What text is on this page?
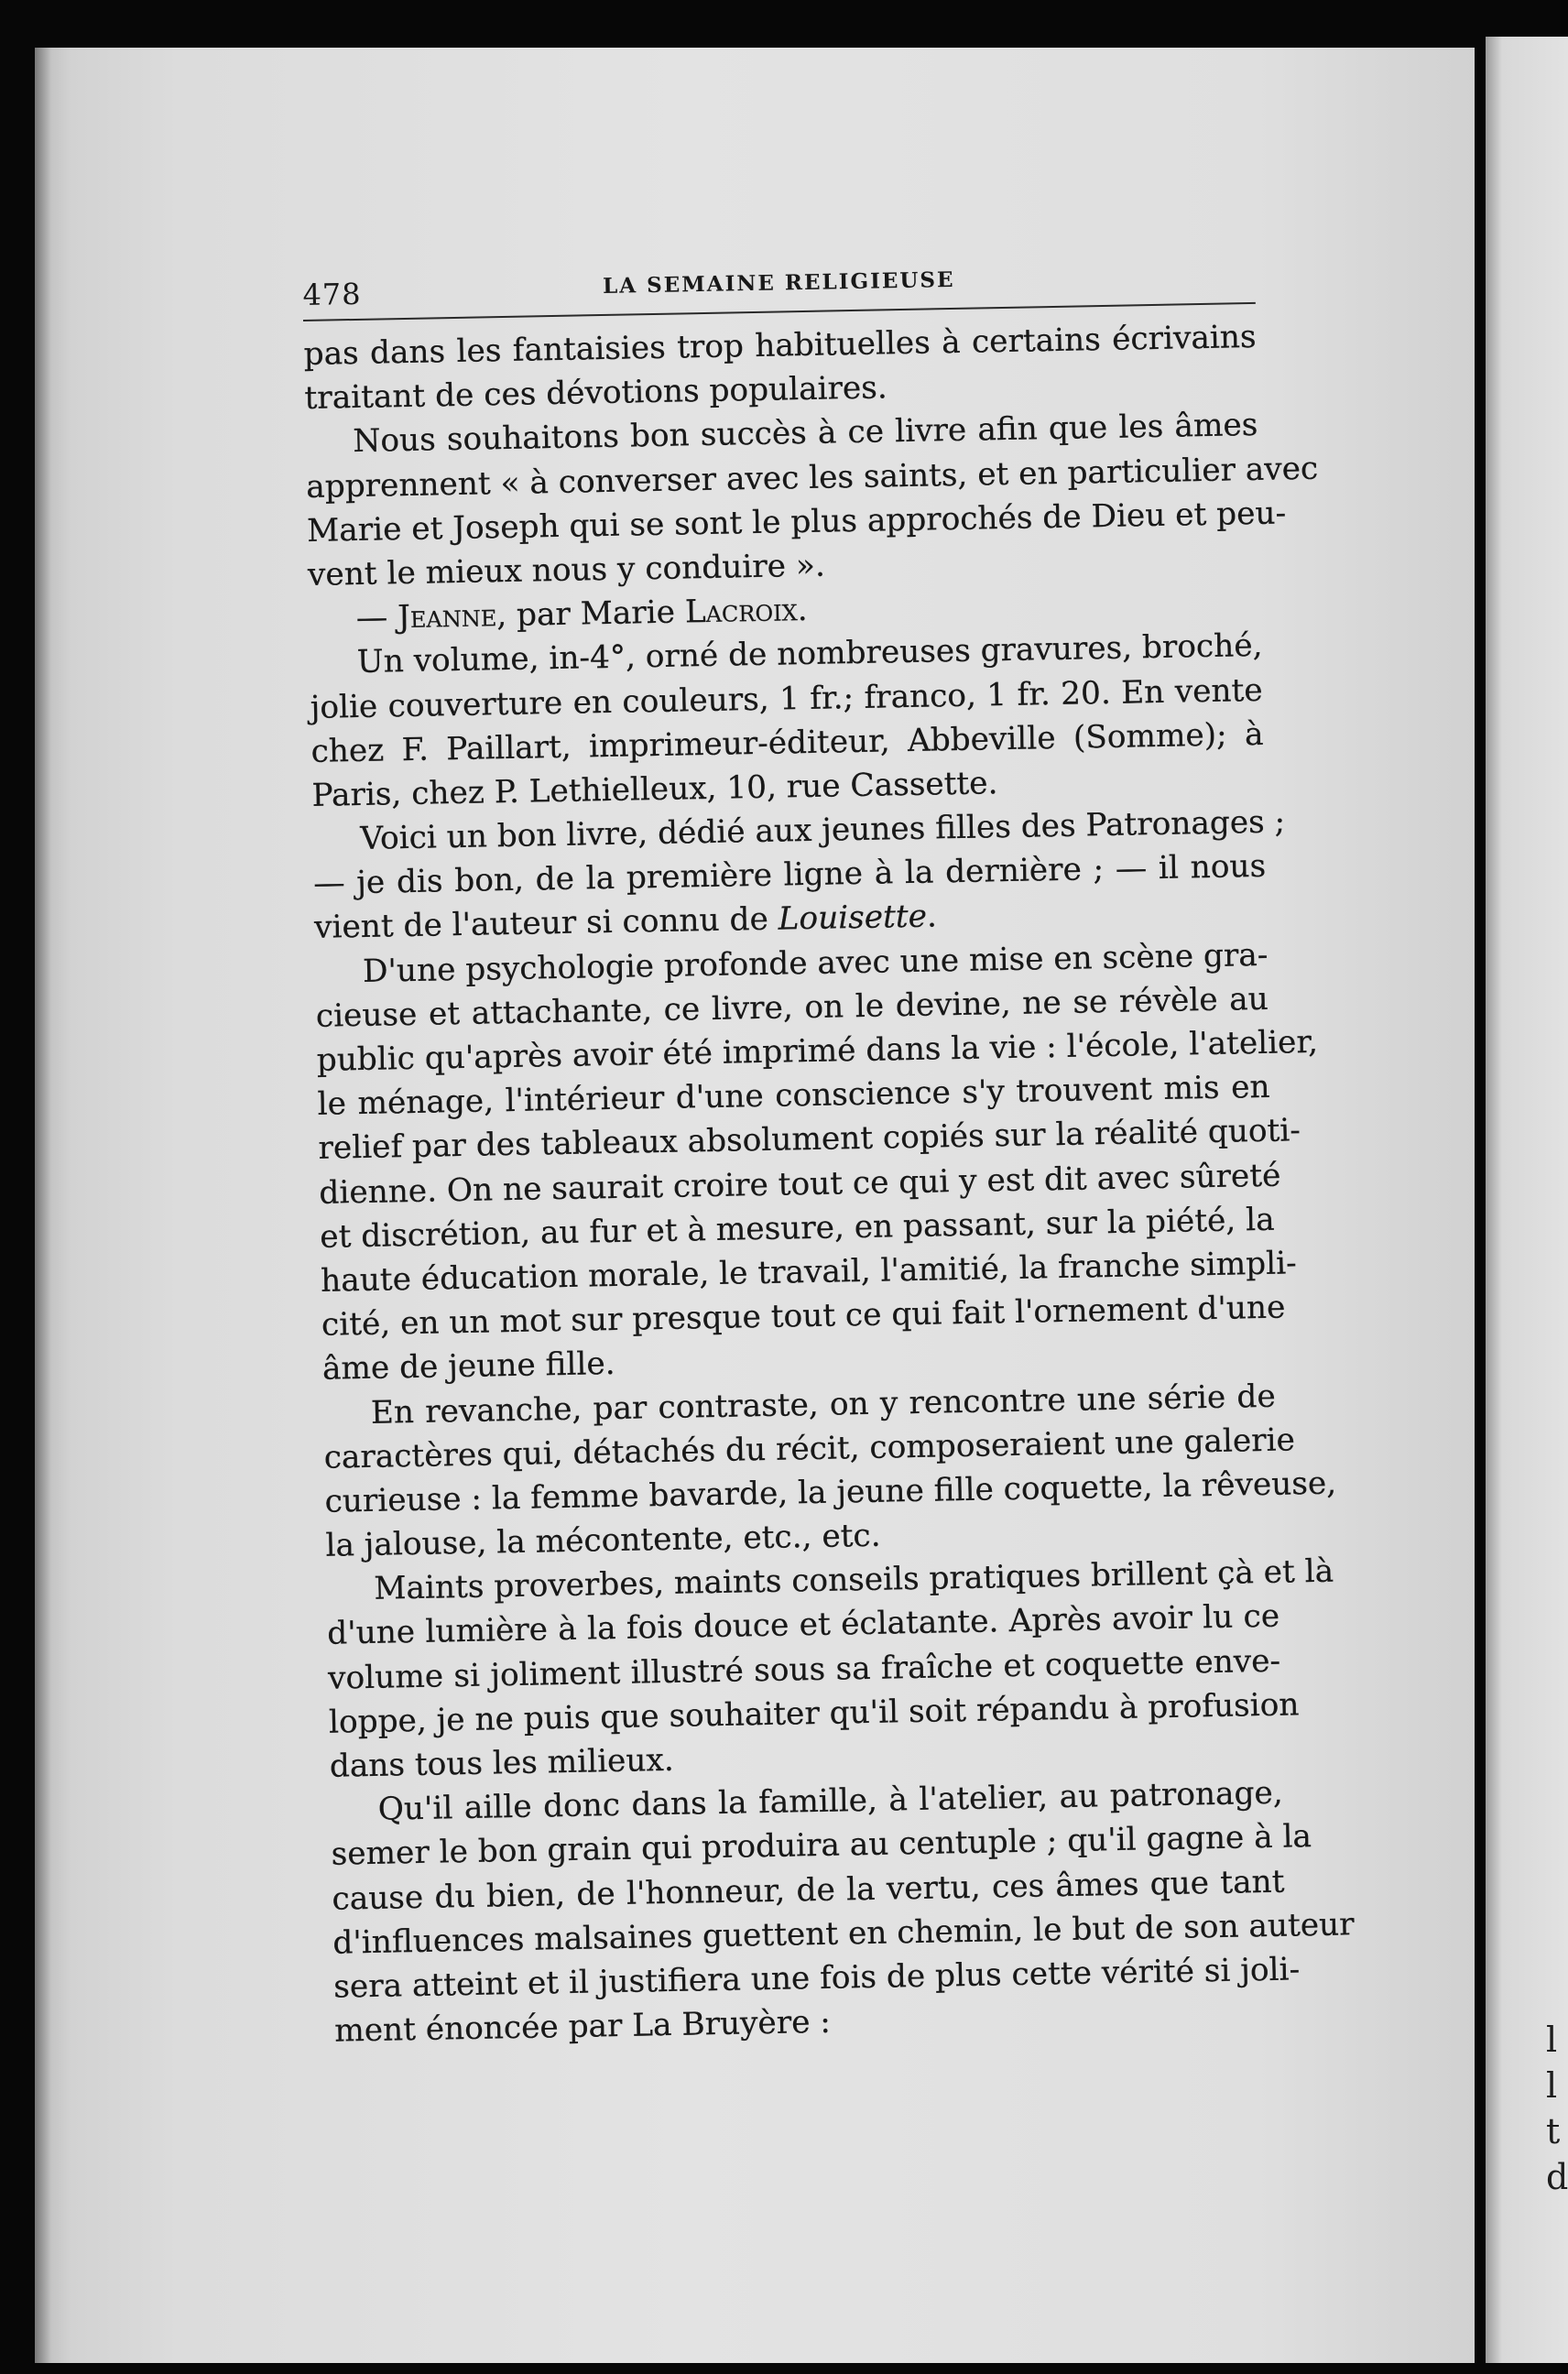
l
l
t
d
478	LA SEMAINE RELIGIEUSE
pas dans les fantaisies trop habituelles à certains écrivains
traitant de ces dévotions populaires.
Nous souhaitons bon succès à ce livre afin que les âmes
apprennent « à converser avec les saints, et en particulier avec
Marie et Joseph qui se sont le plus approchés de Dieu et peu-
vent le mieux nous y conduire ».
— Jeanne, par Marie Lacroix.
Un volume, in-4°, orné de nombreuses gravures, broché,
jolie couverture en couleurs, 1 fr.; franco, 1 fr. 20. En vente
chez F. Paillart, imprimeur-éditeur, Abbeville (Somme); à
Paris, chez P. Lethielleux, 10, rue Cassette.
Voici un bon livre, dédié aux jeunes filles des Patronages ;
— je dis bon, de la première ligne à la dernière ; — il nous
vient de l'auteur si connu de Louisette.
D'une psychologie profonde avec une mise en scène gra-
cieuse et attachante, ce livre, on le devine, ne se révèle au
public qu'après avoir été imprimé dans la vie : l'école, l'atelier,
le ménage, l'intérieur d'une conscience s'y trouvent mis en
relief par des tableaux absolument copiés sur la réalité quoti-
dienne. On ne saurait croire tout ce qui y est dit avec sûreté
et discrétion, au fur et à mesure, en passant, sur la piété, la
haute éducation morale, le travail, l'amitié, la franche simpli-
cité, en un mot sur presque tout ce qui fait l'ornement d'une
âme de jeune fille.
En revanche, par contraste, on y rencontre une série de
caractères qui, détachés du récit, composeraient une galerie
curieuse : la femme bavarde, la jeune fille coquette, la rêveuse,
la jalouse, la mécontente, etc., etc.
Maints proverbes, maints conseils pratiques brillent çà et là
d'une lumière à la fois douce et éclatante. Après avoir lu ce
volume si joliment illustré sous sa fraîche et coquette enve-
loppe, je ne puis que souhaiter qu'il soit répandu à profusion
dans tous les milieux.
Qu'il aille donc dans la famille, à l'atelier, au patronage,
semer le bon grain qui produira au centuple ; qu'il gagne à la
cause du bien, de l'honneur, de la vertu, ces âmes que tant
d'influences malsaines guettent en chemin, le but de son auteur
sera atteint et il justifiera une fois de plus cette vérité si joli-
ment énoncée par La Bruyère :
